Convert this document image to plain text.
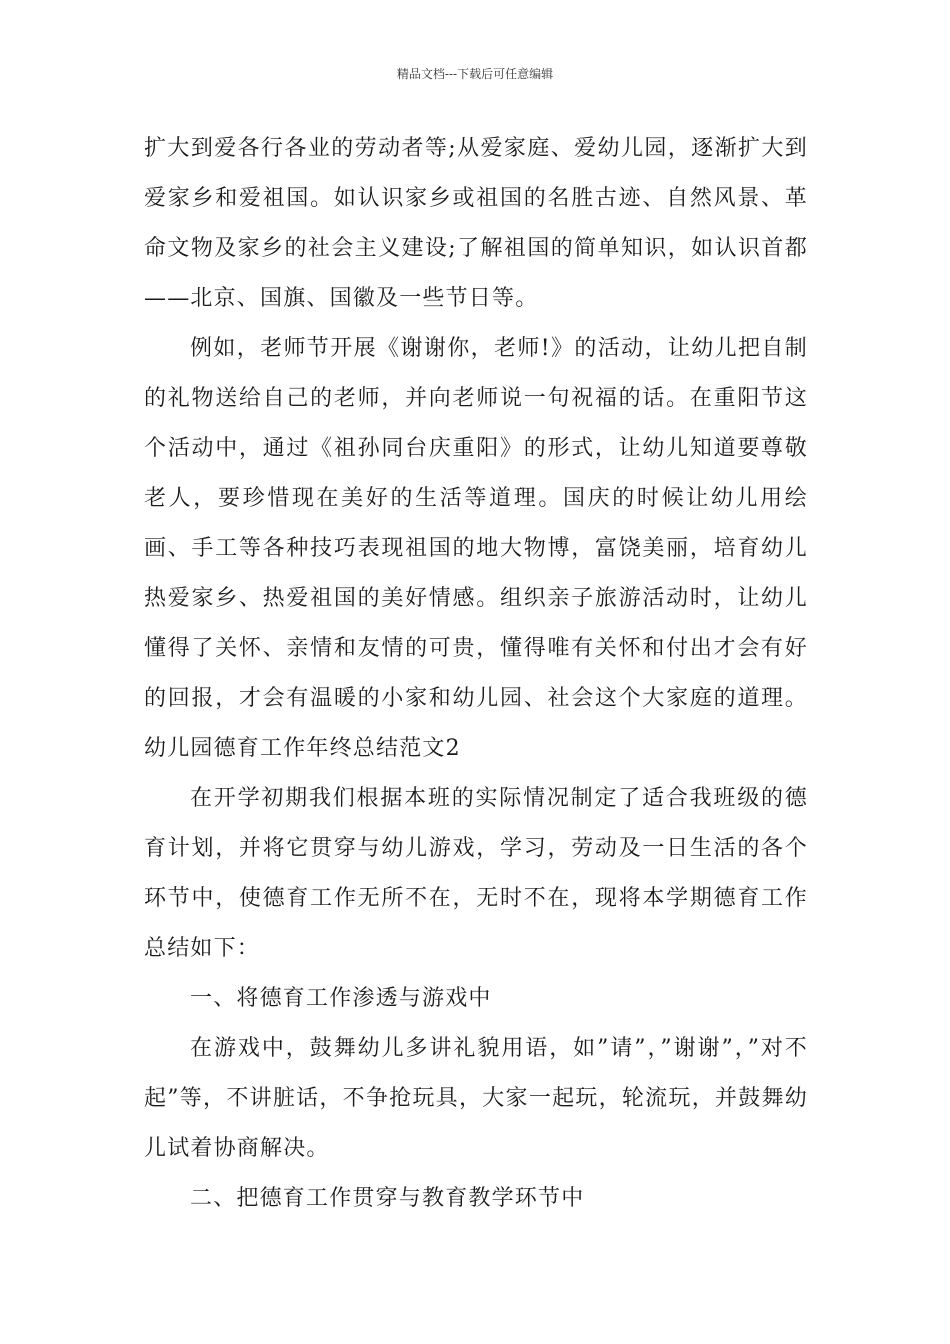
精品文档---下载后可任意编辑

扩大到爱各行各业的劳动者等;从爱家庭、爱幼儿园，逐渐扩大到爱家乡和爱祖国。如认识家乡或祖国的名胜古迹、自然风景、革命文物及家乡的社会主义建设;了解祖国的简单知识，如认识首都——北京、国旗、国徽及一些节日等。

例如，老师节开展《谢谢你，老师!》的活动，让幼儿把自制的礼物送给自己的老师，并向老师说一句祝福的话。在重阳节这个活动中，通过《祖孙同台庆重阳》的形式，让幼儿知道要尊敬老人，要珍惜现在美好的生活等道理。国庆的时候让幼儿用绘画、手工等各种技巧表现祖国的地大物博，富饶美丽，培育幼儿热爱家乡、热爱祖国的美好情感。组织亲子旅游活动时，让幼儿懂得了关怀、亲情和友情的可贵，懂得唯有关怀和付出才会有好的回报，才会有温暖的小家和幼儿园、社会这个大家庭的道理。幼儿园德育工作年终总结范文2

在开学初期我们根据本班的实际情况制定了适合我班级的德育计划，并将它贯穿与幼儿游戏，学习，劳动及一日生活的各个环节中，使德育工作无所不在，无时不在，现将本学期德育工作总结如下：

一、将德育工作渗透与游戏中

在游戏中，鼓舞幼儿多讲礼貌用语，如”请”，”谢谢”，”对不起”等，不讲脏话，不争抢玩具，大家一起玩，轮流玩，并鼓舞幼儿试着协商解决。

二、把德育工作贯穿与教育教学环节中
